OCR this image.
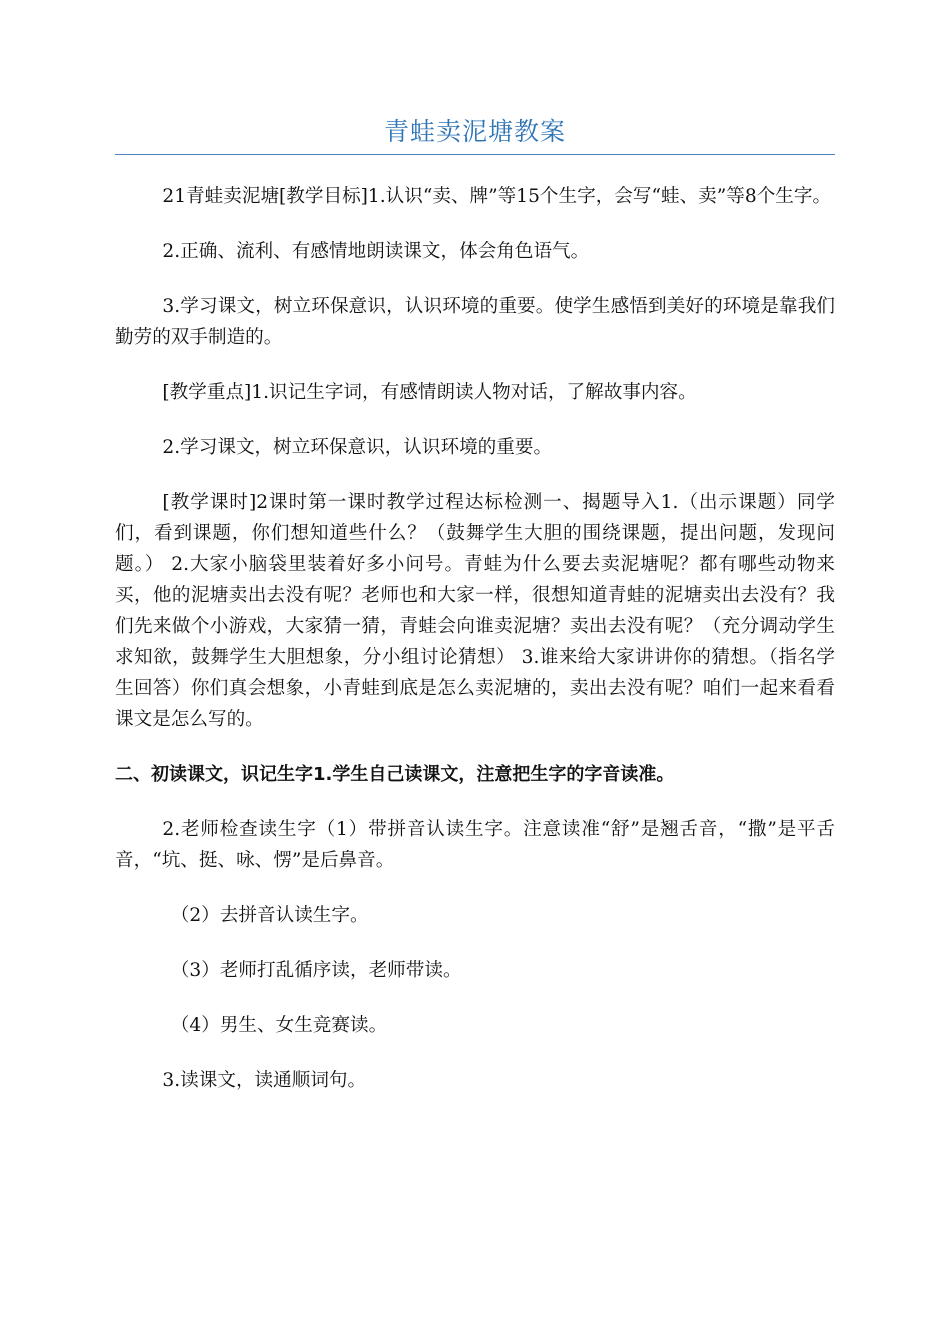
青蛙卖泥塘教案

21青蛙卖泥塘[教学目标]1.认识“卖、牌”等15个生字，会写“蛙、卖”等8个生字。

2.正确、流利、有感情地朗读课文，体会角色语气。

3.学习课文，树立环保意识，认识环境的重要。使学生感悟到美好的环境是靠我们勤劳的双手制造的。

[教学重点]1.识记生字词，有感情朗读人物对话，了解故事内容。

2.学习课文，树立环保意识，认识环境的重要。

[教学课时]2课时第一课时教学过程达标检测一、揭题导入1.（出示课题）同学们，看到课题，你们想知道些什么？（鼓舞学生大胆的围绕课题，提出问题，发现问题。） 2.大家小脑袋里装着好多小问号。青蛙为什么要去卖泥塘呢？都有哪些动物来买，他的泥塘卖出去没有呢？老师也和大家一样，很想知道青蛙的泥塘卖出去没有？我们先来做个小游戏，大家猜一猜，青蛙会向谁卖泥塘？卖出去没有呢？（充分调动学生求知欲，鼓舞学生大胆想象，分小组讨论猜想） 3.谁来给大家讲讲你的猜想。（指名学生回答）你们真会想象，小青蛙到底是怎么卖泥塘的，卖出去没有呢？咱们一起来看看课文是怎么写的。

二、初读课文，识记生字1.学生自己读课文，注意把生字的字音读准。

2.老师检查读生字（1）带拼音认读生字。注意读准“舒”是翘舌音，“撒”是平舌音，“坑、挺、咏、愣”是后鼻音。

（2）去拼音认读生字。

（3）老师打乱循序读，老师带读。

（4）男生、女生竞赛读。

3.读课文，读通顺词句。
